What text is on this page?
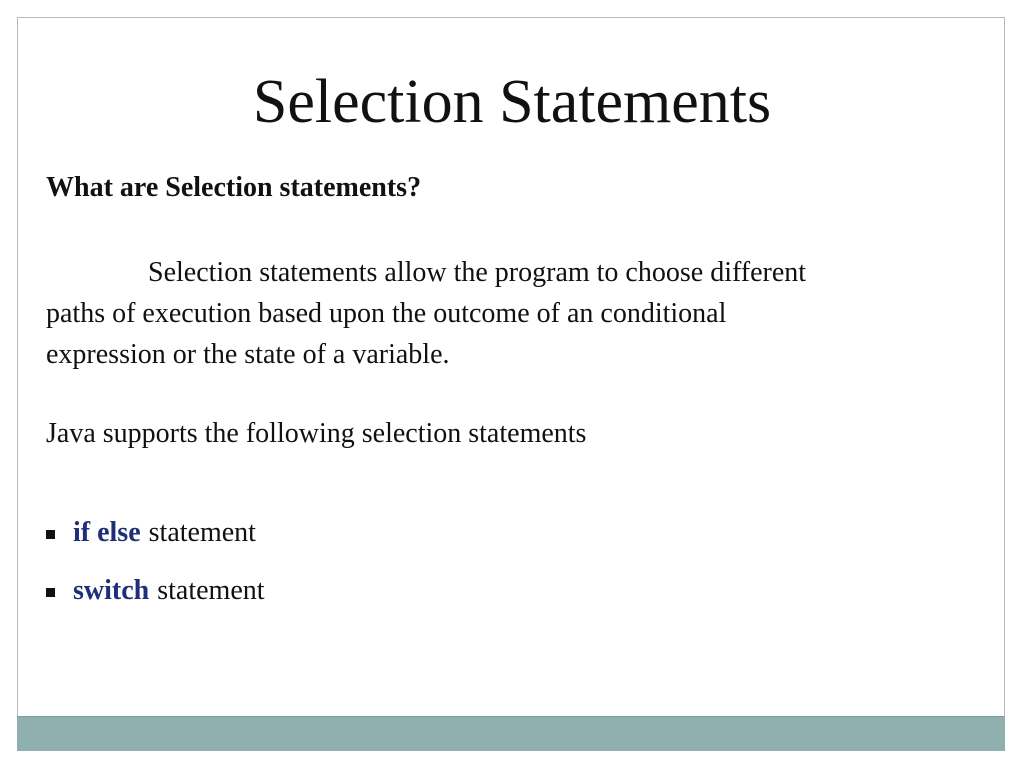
Selection Statements
What are Selection statements?

Selection statements allow the program to choose different
paths of execution based upon the outcome of an conditional
expression or the state of a variable.

Java supports the following selection statements
if else statement
switch statement
